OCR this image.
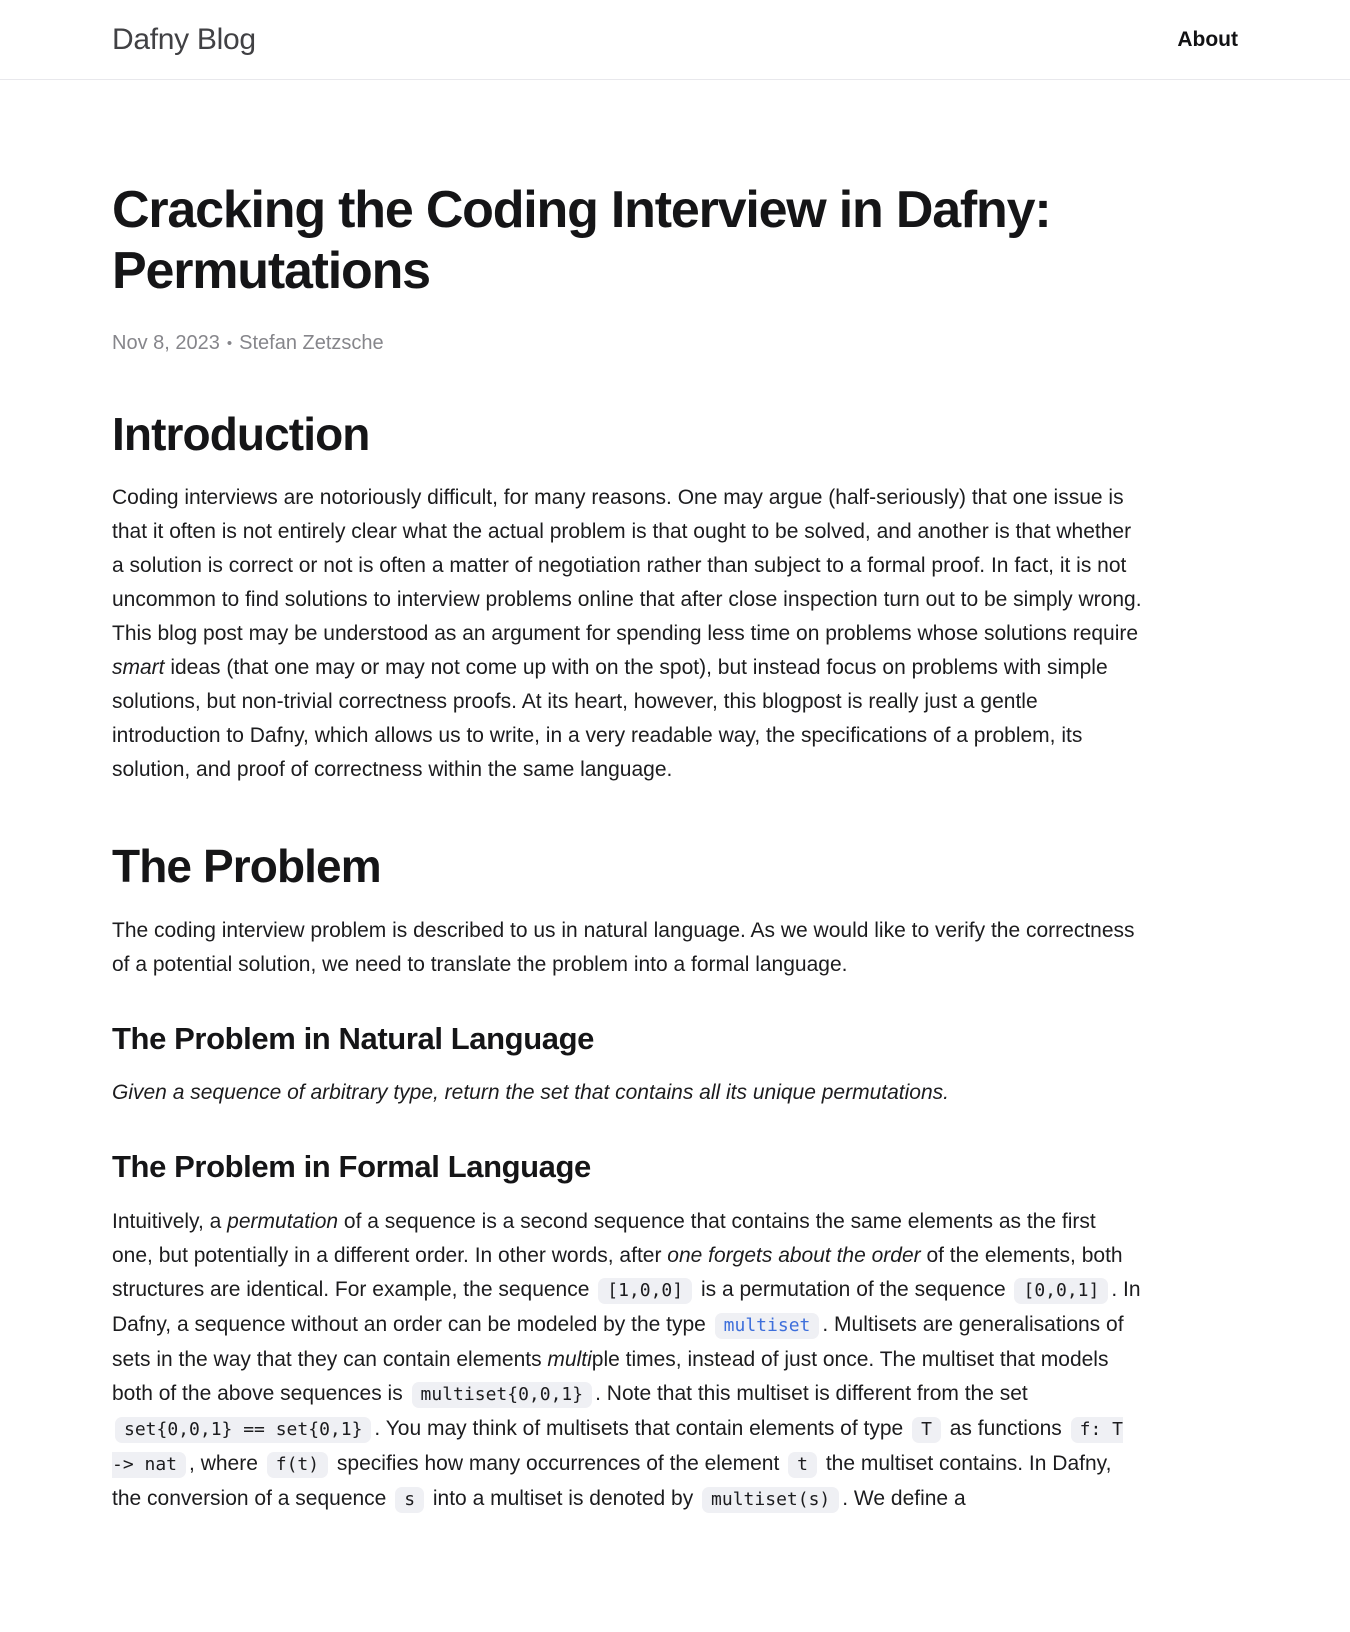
Dafny Blog	About
Cracking the Coding Interview in Dafny: Permutations
Nov 8, 2023 • Stefan Zetzsche
Introduction

Coding interviews are notoriously difficult, for many reasons. One may argue (half-seriously) that one issue is that it often is not entirely clear what the actual problem is that ought to be solved, and another is that whether a solution is correct or not is often a matter of negotiation rather than subject to a formal proof. In fact, it is not uncommon to find solutions to interview problems online that after close inspection turn out to be simply wrong. This blog post may be understood as an argument for spending less time on problems whose solutions require smart ideas (that one may or may not come up with on the spot), but instead focus on problems with simple solutions, but non-trivial correctness proofs. At its heart, however, this blogpost is really just a gentle introduction to Dafny, which allows us to write, in a very readable way, the specifications of a problem, its solution, and proof of correctness within the same language.

The Problem

The coding interview problem is described to us in natural language. As we would like to verify the correctness of a potential solution, we need to translate the problem into a formal language.

The Problem in Natural Language

Given a sequence of arbitrary type, return the set that contains all its unique permutations.

The Problem in Formal Language

Intuitively, a permutation of a sequence is a second sequence that contains the same elements as the first one, but potentially in a different order. In other words, after one forgets about the order of the elements, both structures are identical. For example, the sequence [1,0,0] is a permutation of the sequence [0,0,1] . In Dafny, a sequence without an order can be modeled by the type multiset . Multisets are generalisations of sets in the way that they can contain elements multiple times, instead of just once. The multiset that models both of the above sequences is multiset{0,0,1} . Note that this multiset is different from the set set{0,0,1} == set{0,1} . You may think of multisets that contain elements of type T as functions f: T -> nat , where f(t) specifies how many occurrences of the element t the multiset contains. In Dafny, the conversion of a sequence s into a multiset is denoted by multiset(s) . We define a
